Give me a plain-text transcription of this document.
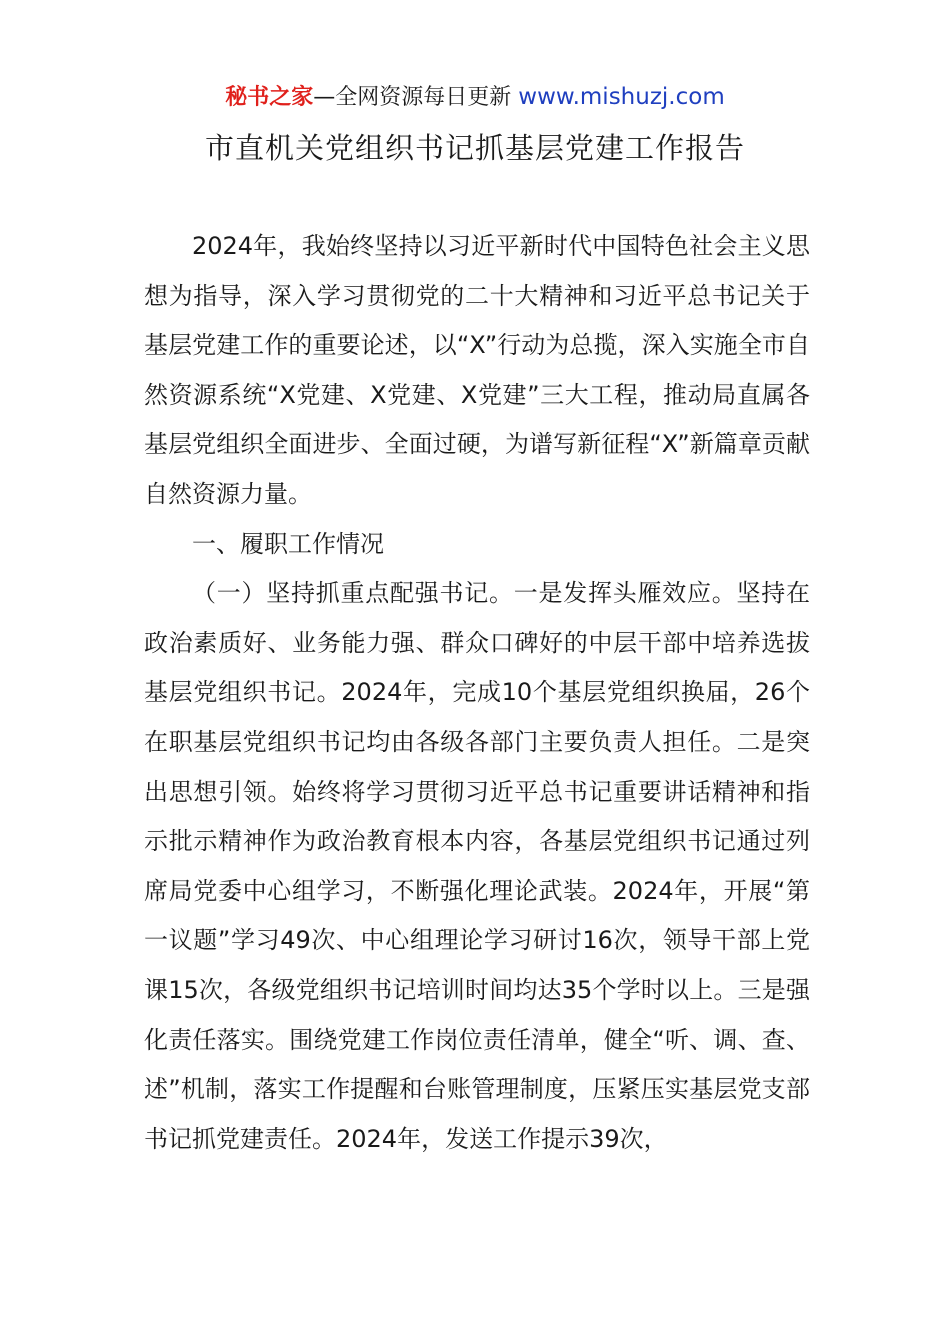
秘书之家—全网资源每日更新 www.mishuzj.com
市直机关党组织书记抓基层党建工作报告

2024年，我始终坚持以习近平新时代中国特色社会主义思想为指导，深入学习贯彻党的二十大精神和习近平总书记关于基层党建工作的重要论述，以“X”行动为总揽，深入实施全市自然资源系统“X党建、X党建、X党建”三大工程，推动局直属各基层党组织全面进步、全面过硬，为谱写新征程“X”新篇章贡献自然资源力量。

一、履职工作情况

（一）坚持抓重点配强书记。一是发挥头雁效应。坚持在政治素质好、业务能力强、群众口碑好的中层干部中培养选拔基层党组织书记。2024年，完成10个基层党组织换届，26个在职基层党组织书记均由各级各部门主要负责人担任。二是突出思想引领。始终将学习贯彻习近平总书记重要讲话精神和指示批示精神作为政治教育根本内容，各基层党组织书记通过列席局党委中心组学习，不断强化理论武装。2024年，开展“第一议题”学习49次、中心组理论学习研讨16次，领导干部上党课15次，各级党组织书记培训时间均达35个学时以上。三是强化责任落实。围绕党建工作岗位责任清单，健全“听、调、查、述”机制，落实工作提醒和台账管理制度，压紧压实基层党支部书记抓党建责任。2024年，发送工作提示39次，
